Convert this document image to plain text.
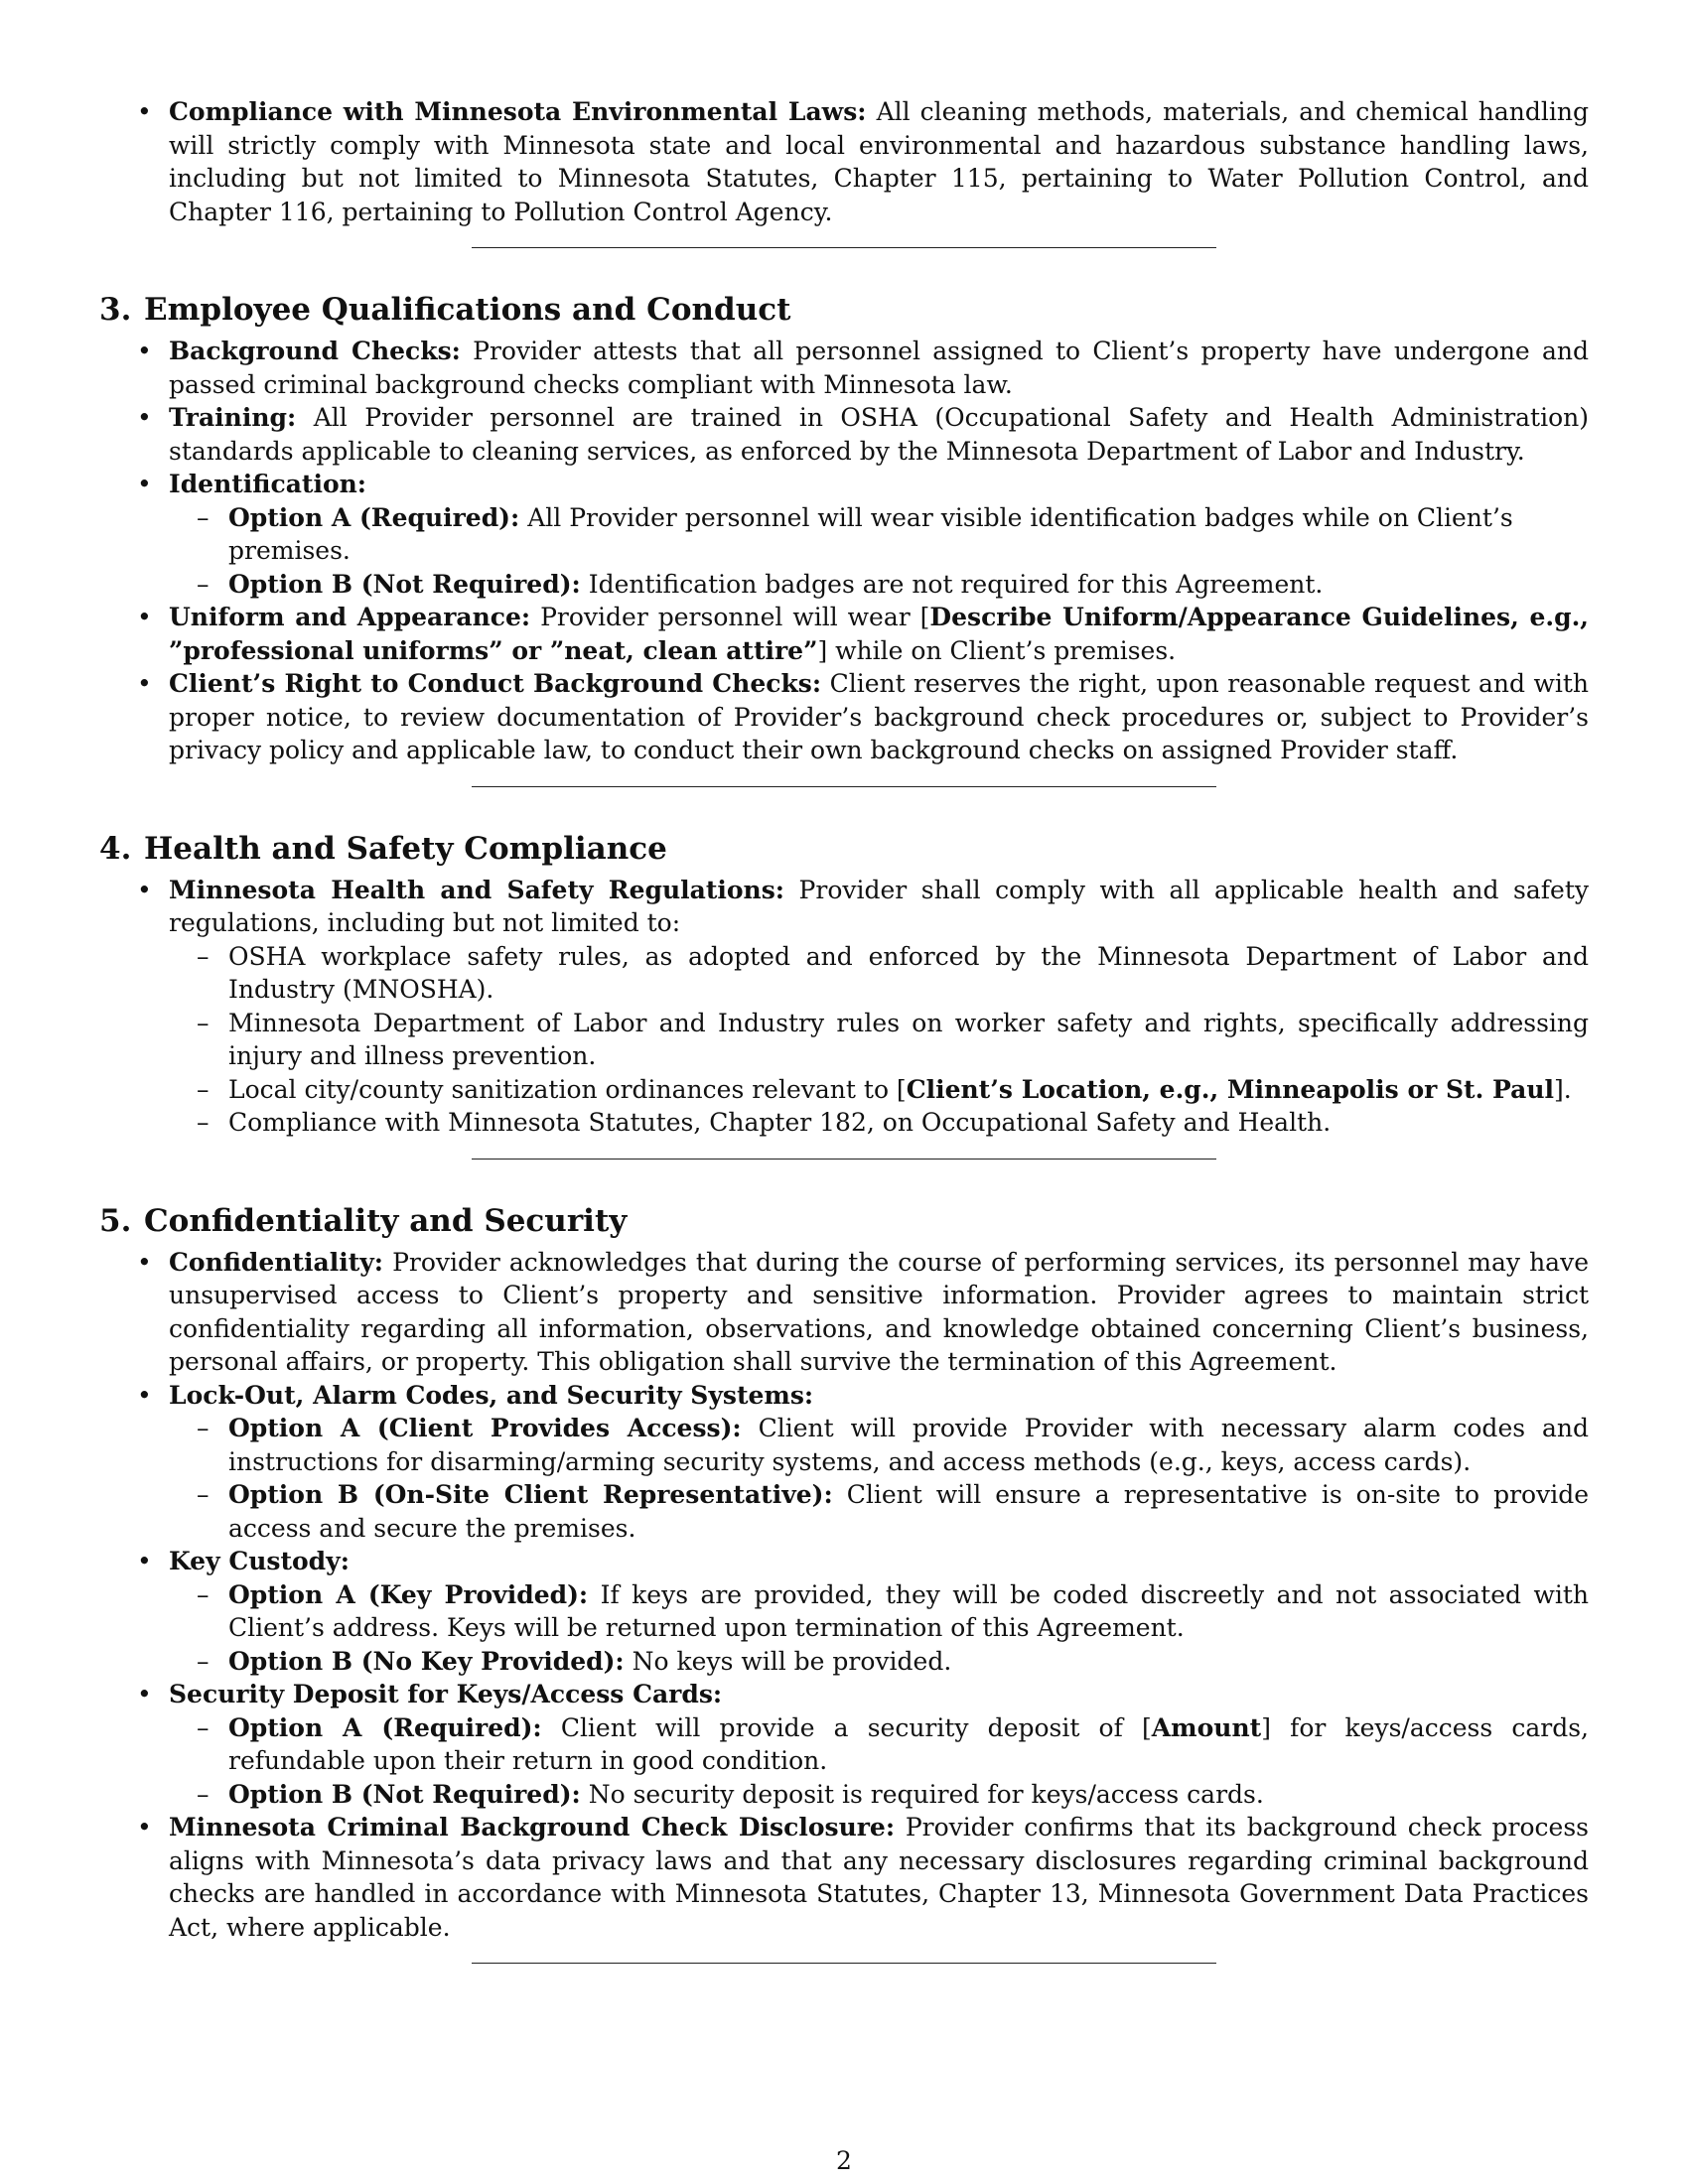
• Compliance with Minnesota Environmental Laws: All cleaning methods, materials, and chemical handling will strictly comply with Minnesota state and local environmental and hazardous substance handling laws, including but not limited to Minnesota Statutes, Chapter 115, pertaining to Water Pollution Control, and Chapter 116, pertaining to Pollution Control Agency.
3. Employee Qualifications and Conduct
• Background Checks: Provider attests that all personnel assigned to Client’s property have undergone and passed criminal background checks compliant with Minnesota law.
• Training: All Provider personnel are trained in OSHA (Occupational Safety and Health Administration) standards applicable to cleaning services, as enforced by the Minnesota Department of Labor and Industry.
• Identification:
– Option A (Required): All Provider personnel will wear visible identification badges while on Client’s premises.
– Option B (Not Required): Identification badges are not required for this Agreement.
• Uniform and Appearance: Provider personnel will wear [Describe Uniform/Appearance Guidelines, e.g., ”professional uniforms” or ”neat, clean attire”] while on Client’s premises.
• Client’s Right to Conduct Background Checks: Client reserves the right, upon reasonable request and with proper notice, to review documentation of Provider’s background check procedures or, subject to Provider’s privacy policy and applicable law, to conduct their own background checks on assigned Provider staff.
4. Health and Safety Compliance
• Minnesota Health and Safety Regulations: Provider shall comply with all applicable health and safety regulations, including but not limited to:
– OSHA workplace safety rules, as adopted and enforced by the Minnesota Department of Labor and Industry (MNOSHA).
– Minnesota Department of Labor and Industry rules on worker safety and rights, specifically addressing injury and illness prevention.
– Local city/county sanitization ordinances relevant to [Client’s Location, e.g., Minneapolis or St. Paul].
– Compliance with Minnesota Statutes, Chapter 182, on Occupational Safety and Health.
5. Confidentiality and Security
• Confidentiality: Provider acknowledges that during the course of performing services, its personnel may have unsupervised access to Client’s property and sensitive information. Provider agrees to maintain strict confidentiality regarding all information, observations, and knowledge obtained concerning Client’s business, personal affairs, or property. This obligation shall survive the termination of this Agreement.
• Lock-Out, Alarm Codes, and Security Systems:
– Option A (Client Provides Access): Client will provide Provider with necessary alarm codes and instructions for disarming/arming security systems, and access methods (e.g., keys, access cards).
– Option B (On-Site Client Representative): Client will ensure a representative is on-site to provide access and secure the premises.
• Key Custody:
– Option A (Key Provided): If keys are provided, they will be coded discreetly and not associated with Client’s address. Keys will be returned upon termination of this Agreement.
– Option B (No Key Provided): No keys will be provided.
• Security Deposit for Keys/Access Cards:
– Option A (Required): Client will provide a security deposit of [Amount] for keys/access cards, refundable upon their return in good condition.
– Option B (Not Required): No security deposit is required for keys/access cards.
• Minnesota Criminal Background Check Disclosure: Provider confirms that its background check process aligns with Minnesota’s data privacy laws and that any necessary disclosures regarding criminal background checks are handled in accordance with Minnesota Statutes, Chapter 13, Minnesota Government Data Practices Act, where applicable.
2
